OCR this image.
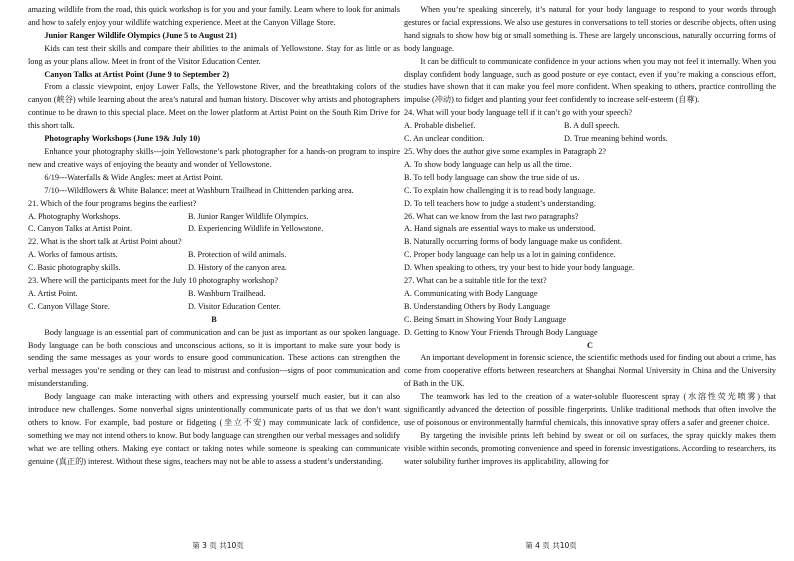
amazing wildlife from the road, this quick workshop is for you and your family. Learn where to look for animals and how to safely enjoy your wildlife watching experience. Meet at the Canyon Village Store.

Junior Ranger Wildlife Olympics (June 5 to August 21)

Kids can test their skills and compare their abilities to the animals of Yellowstone. Stay for as little or as long as your plans allow. Meet in front of the Visitor Education Center.

Canyon Talks at Artist Point (June 9 to September 2)

From a classic viewpoint, enjoy Lower Falls, the Yellowstone River, and the breathtaking colors of the canyon (峡谷) while learning about the area’s natural and human history. Discover why artists and photographers continue to be drawn to this special place. Meet on the lower platform at Artist Point on the South Rim Drive for this short talk.

Photography Workshops (June 19& July 10)

Enhance your photography skills---join Yellowstone’s park photographer for a hands-on program to inspire new and creative ways of enjoying the beauty and wonder of Yellowstone.

6/19---Waterfalls & Wide Angles: meet at Artist Point.

7/10---Wildflowers & White Balance: meet at Washburn Trailhead in Chittenden parking area.

21. Which of the four programs begins the earliest?

A. Photography Workshops.	B. Junior Ranger Wildlife Olympics.
C. Canyon Talks at Artist Point.	D. Experiencing Wildlife in Yellowstone.

22. What is the short talk at Artist Point about?

A. Works of famous artists.	B. Protection of wild animals.
C. Basic photography skills.	D. History of the canyon area.

23. Where will the participants meet for the July 10 photography workshop?

A. Artist Point.	B. Washburn Trailhead.
C. Canyon Village Store.	D. Visitor Education Center.

B

Body language is an essential part of communication and can be just as important as our spoken language. Body language can be both conscious and unconscious actions, so it is important to make sure your body is sending the same messages as your words to ensure good communication. These actions can strengthen the verbal messages you’re sending or they can lead to mistrust and confusion---signs of poor communication and misunderstanding.

Body language can make interacting with others and expressing yourself much easier, but it can also introduce new challenges. Some nonverbal signs unintentionally communicate parts of us that we don’t want others to know. For example, bad posture or fidgeting (坐立不安) may communicate lack of confidence, something we may not intend others to know. But body language can strengthen our verbal messages and solidify what we are telling others. Making eye contact or taking notes while someone is speaking can communicate genuine (真正的) interest. Without these signs, teachers may not be able to assess a student’s understanding.

When you’re speaking sincerely, it’s natural for your body language to respond to your words through gestures or facial expressions. We also use gestures in conversations to tell stories or describe objects, often using hand signals to show how big or small something is. These are largely unconscious, naturally occurring forms of body language.

It can be difficult to communicate confidence in your actions when you may not feel it internally. When you display confident body language, such as good posture or eye contact, even if you’re making a conscious effort, studies have shown that it can make you feel more confident. When speaking to others, practice controlling the impulse (冲动) to fidget and planting your feet confidently to increase self-esteem (自尊).

24. What will your body language tell if it can’t go with your speech?

A. Probable disbelief.	B. A dull speech.
C. An unclear condition.	D. True meaning behind words.

25. Why does the author give some examples in Paragraph 2?

A. To show body language can help us all the time.
B. To tell body language can show the true side of us.
C. To explain how challenging it is to read body language.
D. To tell teachers how to judge a student’s understanding.

26. What can we know from the last two paragraphs?

A. Hand signals are essential ways to make us understood.
B. Naturally occurring forms of body language make us confident.
C. Proper body language can help us a lot in gaining confidence.
D. When speaking to others, try your best to hide your body language.

27. What can be a suitable title for the text?

A. Communicating with Body Language
B. Understanding Others by Body Language
C. Being Smart in Showing Your Body Language
D. Getting to Know Your Friends Through Body Language

C

An important development in forensic science, the scientific methods used for finding out about a crime, has come from cooperative efforts between researchers at Shanghai Normal University in China and the University of Bath in the UK.

The teamwork has led to the creation of a water-soluble fluorescent spray (水溶性荧光喷雾) that significantly advanced the detection of possible fingerprints. Unlike traditional methods that often involve the use of poisonous or environmentally harmful chemicals, this innovative spray offers a safer and greener choice.

By targeting the invisible prints left behind by sweat or oil on surfaces, the spray quickly makes them visible within seconds, promoting convenience and speed in forensic investigations. According to researchers, its water solubility further improves its applicability, allowing for

第 3 页 共10页	第 4 页 共10页
